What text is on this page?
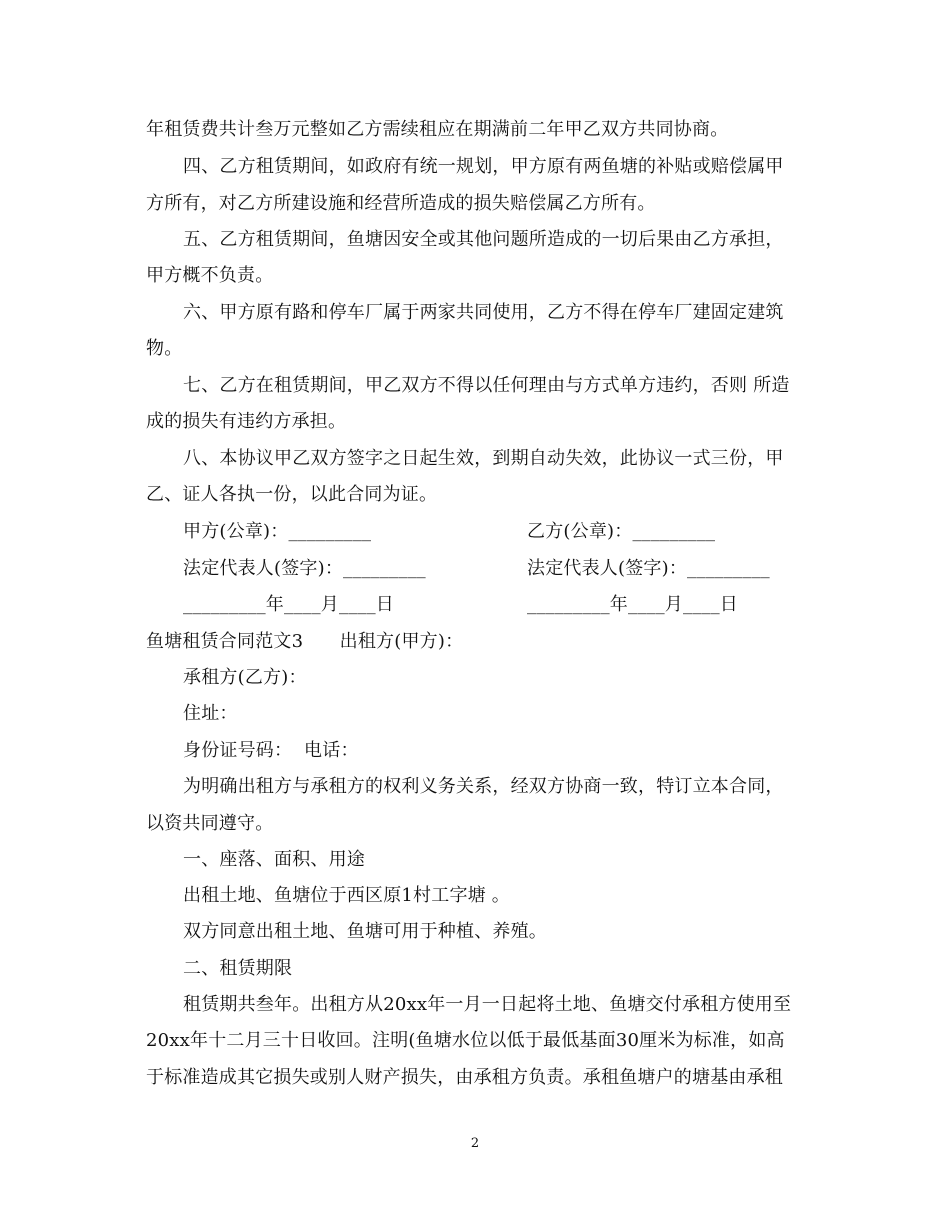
年租赁费共计叁万元整如乙方需续租应在期满前二年甲乙双方共同协商。
四、乙方租赁期间，如政府有统一规划，甲方原有两鱼塘的补贴或赔偿属甲
方所有，对乙方所建设施和经营所造成的损失赔偿属乙方所有。
五、乙方租赁期间，鱼塘因安全或其他问题所造成的一切后果由乙方承担，
甲方概不负责。
六、甲方原有路和停车厂属于两家共同使用，乙方不得在停车厂建固定建筑
物。
七、乙方在租赁期间，甲乙双方不得以任何理由与方式单方违约，否则 所造
成的损失有违约方承担。
八、本协议甲乙双方签字之日起生效，到期自动失效，此协议一式三份，甲
乙、证人各执一份，以此合同为证。
甲方(公章)：_________	乙方(公章)：_________
法定代表人(签字)：_________	法定代表人(签字)：_________
_________年____月____日	_________年____月____日
鱼塘租赁合同范文3　　出租方(甲方)：
承租方(乙方)：
住址：
身份证号码：  电话：
为明确出租方与承租方的权利义务关系，经双方协商一致，特订立本合同，
以资共同遵守。
一、座落、面积、用途
出租土地、鱼塘位于西区原1村工字塘 。
双方同意出租土地、鱼塘可用于种植、养殖。
二、租赁期限
租赁期共叁年。出租方从20xx年一月一日起将土地、鱼塘交付承租方使用至
20xx年十二月三十日收回。注明(鱼塘水位以低于最低基面30厘米为标准，如高
于标准造成其它损失或别人财产损失，由承租方负责。承租鱼塘户的塘基由承租
2
